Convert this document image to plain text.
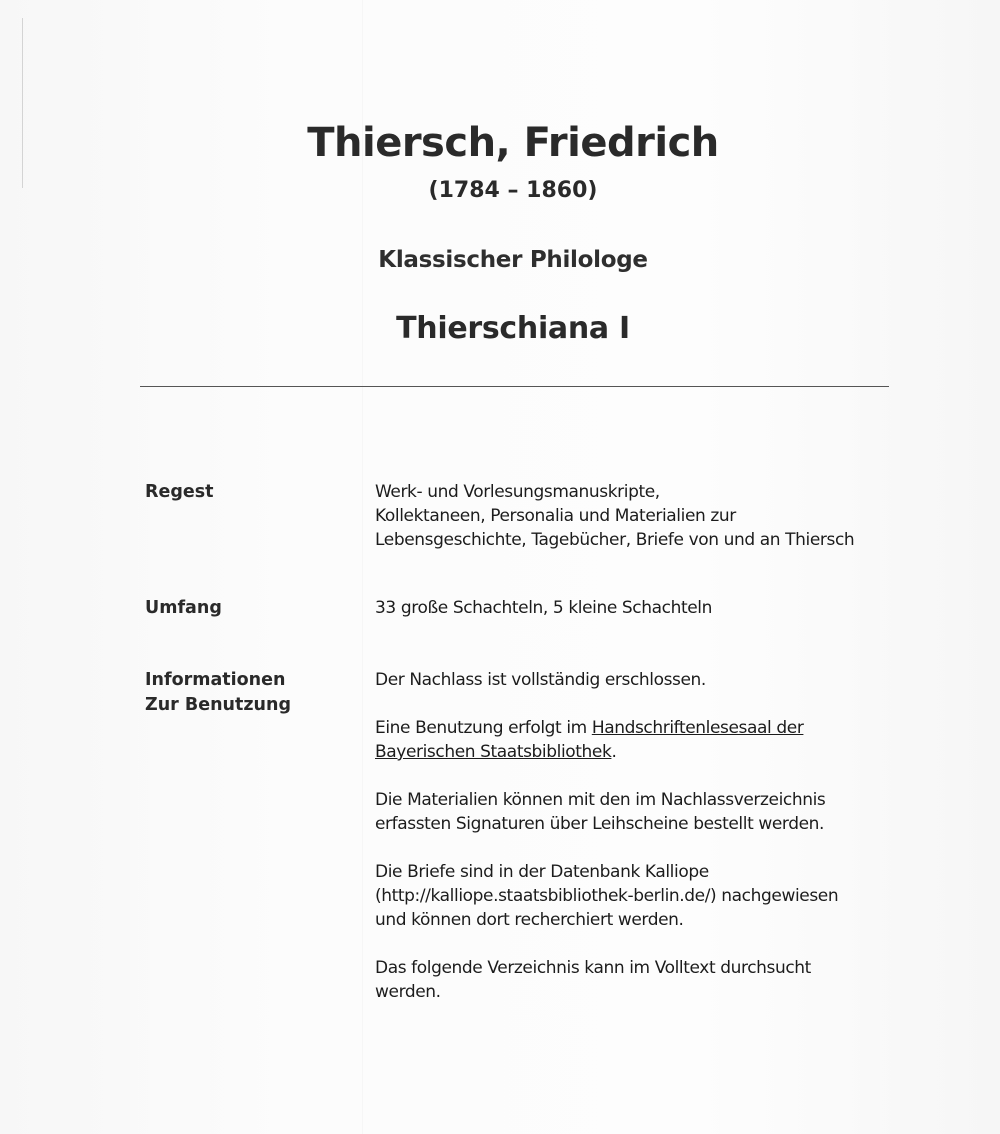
Thiersch, Friedrich
(1784 – 1860)
Klassischer Philologe
Thierschiana I
Regest	Werk- und Vorlesungsmanuskripte,
Kollektaneen, Personalia und Materialien zur
Lebensgeschichte, Tagebücher, Briefe von und an Thiersch
Umfang	33 große Schachteln, 5 kleine Schachteln
Informationen
Zur Benutzung

Der Nachlass ist vollständig erschlossen.

Eine Benutzung erfolgt im Handschriftenlesesaal der
Bayerischen Staatsbibliothek.

Die Materialien können mit den im Nachlassverzeichnis
erfassten Signaturen über Leihscheine bestellt werden.

Die Briefe sind in der Datenbank Kalliope
(http://kalliope.staatsbibliothek-berlin.de/) nachgewiesen
und können dort recherchiert werden.

Das folgende Verzeichnis kann im Volltext durchsucht
werden.
